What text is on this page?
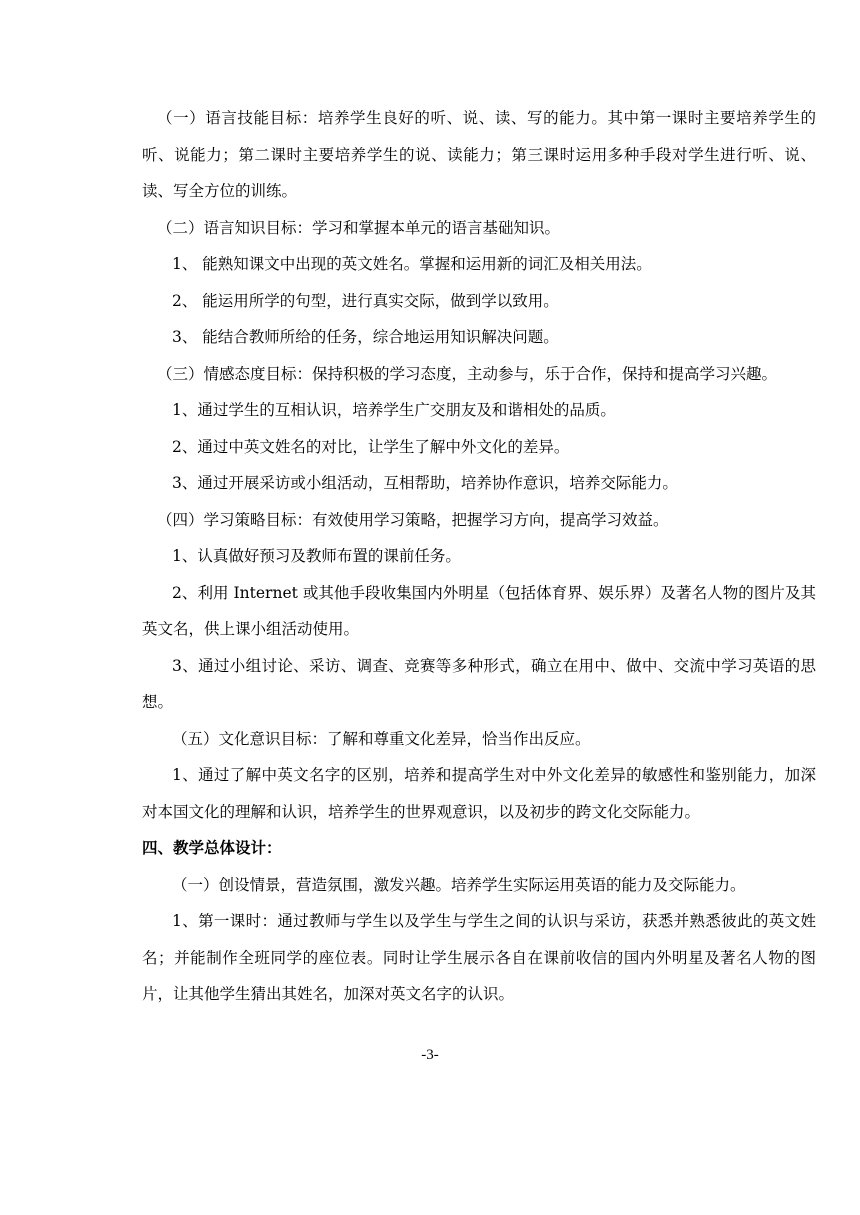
（一）语言技能目标：培养学生良好的听、说、读、写的能力。其中第一课时主要培养学生的听、说能力；第二课时主要培养学生的说、读能力；第三课时运用多种手段对学生进行听、说、读、写全方位的训练。

（二）语言知识目标：学习和掌握本单元的语言基础知识。

1、 能熟知课文中出现的英文姓名。掌握和运用新的词汇及相关用法。

2、 能运用所学的句型，进行真实交际，做到学以致用。

3、 能结合教师所给的任务，综合地运用知识解决问题。

（三）情感态度目标：保持积极的学习态度，主动参与，乐于合作，保持和提高学习兴趣。

1、通过学生的互相认识，培养学生广交朋友及和谐相处的品质。

2、通过中英文姓名的对比，让学生了解中外文化的差异。

3、通过开展采访或小组活动，互相帮助，培养协作意识，培养交际能力。

（四）学习策略目标：有效使用学习策略，把握学习方向，提高学习效益。

1、认真做好预习及教师布置的课前任务。

2、利用 Internet 或其他手段收集国内外明星（包括体育界、娱乐界）及著名人物的图片及其英文名，供上课小组活动使用。

3、通过小组讨论、采访、调查、竞赛等多种形式，确立在用中、做中、交流中学习英语的思想。

（五）文化意识目标：了解和尊重文化差异，恰当作出反应。

1、通过了解中英文名字的区别，培养和提高学生对中外文化差异的敏感性和鉴别能力，加深对本国文化的理解和认识，培养学生的世界观意识，以及初步的跨文化交际能力。

四、教学总体设计：

（一）创设情景，营造氛围，激发兴趣。培养学生实际运用英语的能力及交际能力。

1、第一课时：通过教师与学生以及学生与学生之间的认识与采访，获悉并熟悉彼此的英文姓名；并能制作全班同学的座位表。同时让学生展示各自在课前收信的国内外明星及著名人物的图片，让其他学生猜出其姓名，加深对英文名字的认识。

-3-
